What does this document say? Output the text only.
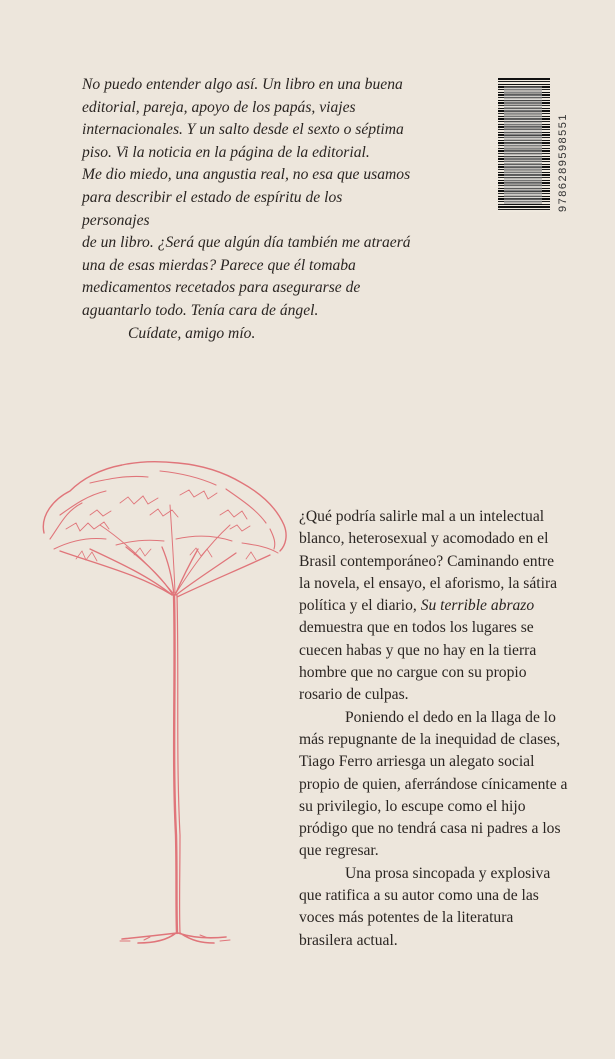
No puedo entender algo así. Un libro en una buena

editorial, pareja, apoyo de los papás, viajes

internacionales. Y un salto desde el sexto o séptima

piso. Vi la noticia en la página de la editorial.

Me dio miedo, una angustia real, no esa que usamos

para describir el estado de espíritu de los personajes

de un libro. ¿Será que algún día también me atraerá

una de esas mierdas? Parece que él tomaba

medicamentos recetados para asegurarse de

aguantarlo todo. Tenía cara de ángel.

Cuídate, amigo mío.

9786289598551

¿Qué podría salirle mal a un intelectual blanco, heterosexual y acomodado en el Brasil contemporáneo? Caminando entre la novela, el ensayo, el aforismo, la sátira política y el diario, Su terrible abrazo demuestra que en todos los lugares se cuecen habas y que no hay en la tierra hombre que no cargue con su propio rosario de culpas.

Poniendo el dedo en la llaga de lo más repugnante de la inequidad de clases, Tiago Ferro arriesga un alegato social propio de quien, aferrándose cínicamente a su privilegio, lo escupe como el hijo pródigo que no tendrá casa ni padres a los que regresar.

Una prosa sincopada y explosiva que ratifica a su autor como una de las voces más potentes de la literatura brasilera actual.
